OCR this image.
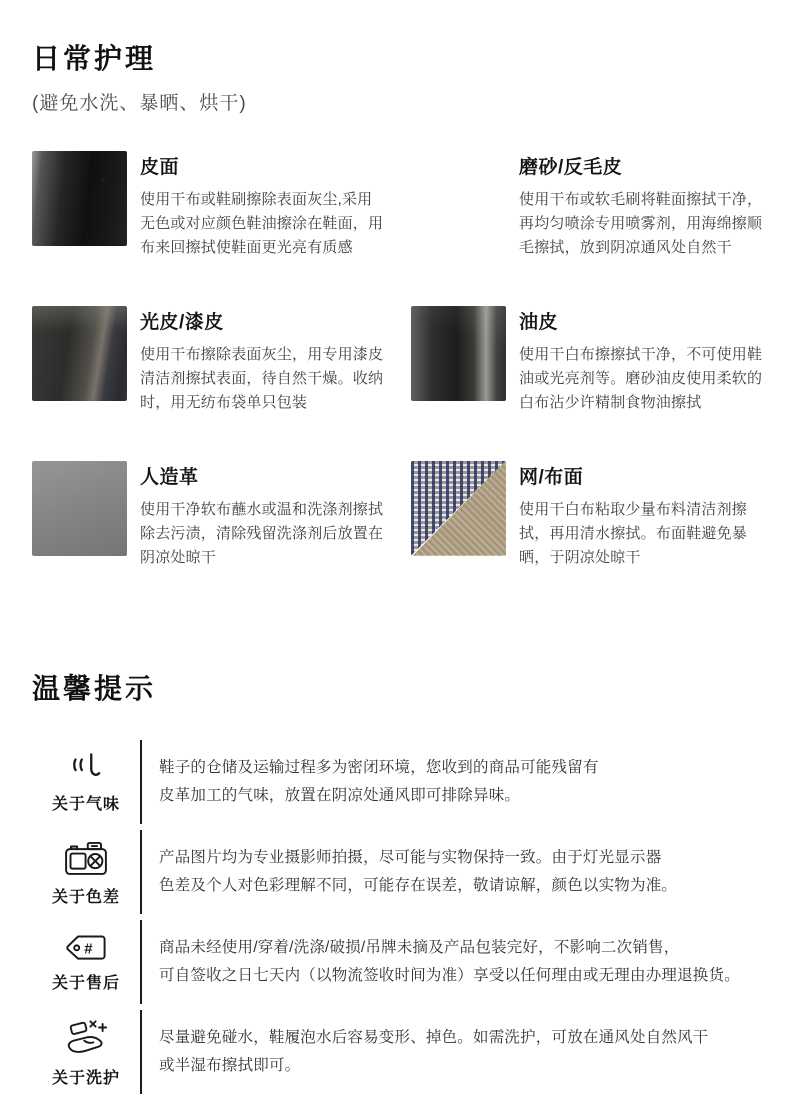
日常护理
(避免水洗、暴晒、烘干)
皮面
使用干布或鞋刷擦除表面灰尘,采用无色或对应颜色鞋油擦涂在鞋面，用布来回擦拭使鞋面更光亮有质感
磨砂/反毛皮
使用干布或软毛刷将鞋面擦拭干净，再均匀喷涂专用喷雾剂，用海绵擦顺毛擦拭，放到阴凉通风处自然干
光皮/漆皮
使用干布擦除表面灰尘，用专用漆皮清洁剂擦拭表面，待自然干燥。收纳时，用无纺布袋单只包装
油皮
使用干白布擦擦拭干净，不可使用鞋油或光亮剂等。磨砂油皮使用柔软的白布沾少许精制食物油擦拭
人造革
使用干净软布蘸水或温和洗涤剂擦拭除去污渍，清除残留洗涤剂后放置在阴凉处晾干
网/布面
使用干白布粘取少量布料清洁剂擦拭，再用清水擦拭。布面鞋避免暴晒，于阴凉处晾干
温馨提示
关于气味
鞋子的仓储及运输过程多为密闭环境，您收到的商品可能残留有
皮革加工的气味，放置在阴凉处通风即可排除异味。
关于色差
产品图片均为专业摄影师拍摄，尽可能与实物保持一致。由于灯光显示器
色差及个人对色彩理解不同，可能存在误差，敬请谅解，颜色以实物为准。
#
关于售后
商品未经使用/穿着/洗涤/破损/吊牌未摘及产品包装完好，不影响二次销售，
可自签收之日七天内（以物流签收时间为准）享受以任何理由或无理由办理退换货。
关于洗护
尽量避免碰水，鞋履泡水后容易变形、掉色。如需洗护，可放在通风处自然风干
或半湿布擦拭即可。
